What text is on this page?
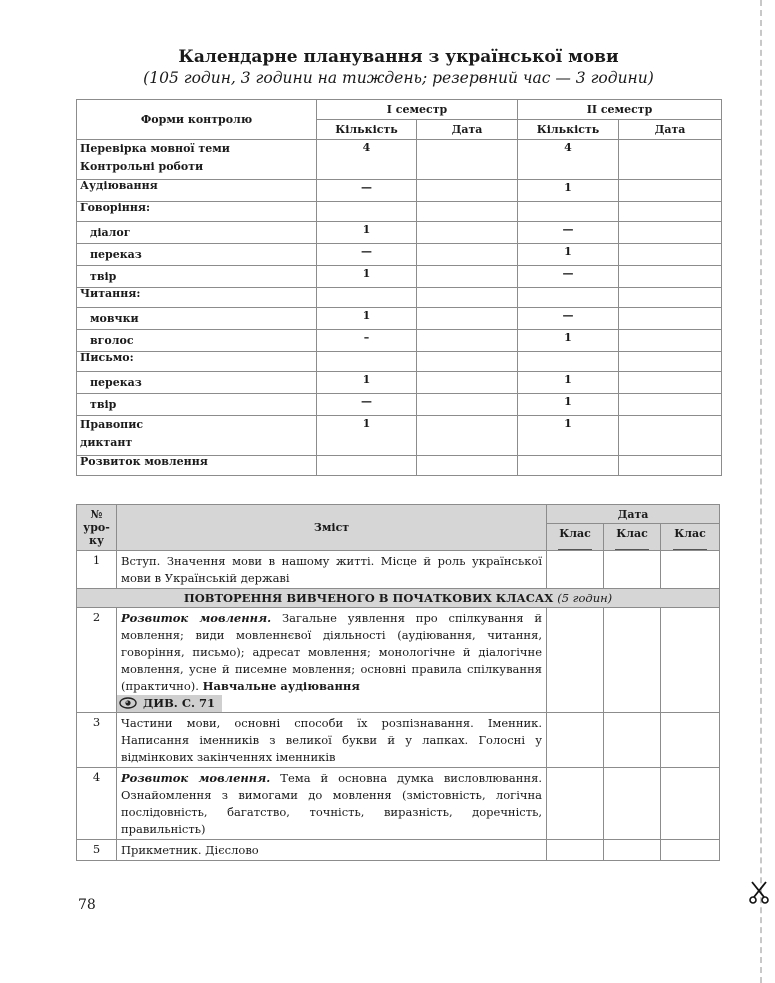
Календарне планування з української мови
(105 годин, 3 години на тиждень; резервний час — 3 години)
Форми контролю	І семестр		ІІ семестр	
	Кількість	Дата	Кількість	Дата

Перевірка мовної теми
Контрольні роботи	4		4	
Аудіювання	—		1	
Говоріння:				
діалог	1		—	
переказ	—		1	
твір	1		—	
Читання:				
мовчки	1		—	
вголос	–		1	
Письмо:				
переказ	1		1	
твір	—		1	

Правопис
диктант	1		1	
Розвиток мовлення				
№ уро-ку	Зміст	Дата		

		Клас	Клас	Клас

1	Вступ. Значення мови в нашому житті. Місце й роль української мови в Українській державі			
ПОВТОРЕННЯ ВИВЧЕНОГО В ПОЧАТКОВИХ КЛАСАХ (5 годин)				
2	Розвиток мовлення. Загальне уявлення про спілкування й мовлення; види мовленнєвої діяльності (аудіювання, читання, говоріння, письмо); адресат мовлення; монологічне й діалогічне мовлення, усне й писемне мовлення; основні правила спілкування (практично). Навчальне аудіювання
ДИВ. С. 71			
3	Частини мови, основні способи їх розпізнавання. Іменник. Написання іменників з великої букви й у лапках. Голосні у відмінкових закінченнях іменників			
4	Розвиток мовлення. Тема й основна думка висловлювання. Ознайомлення з вимогами до мовлення (змістовність, логічна послідовність, багатство, точність, виразність, доречність, правильність)			
5	Прикметник. Дієслово			
78
